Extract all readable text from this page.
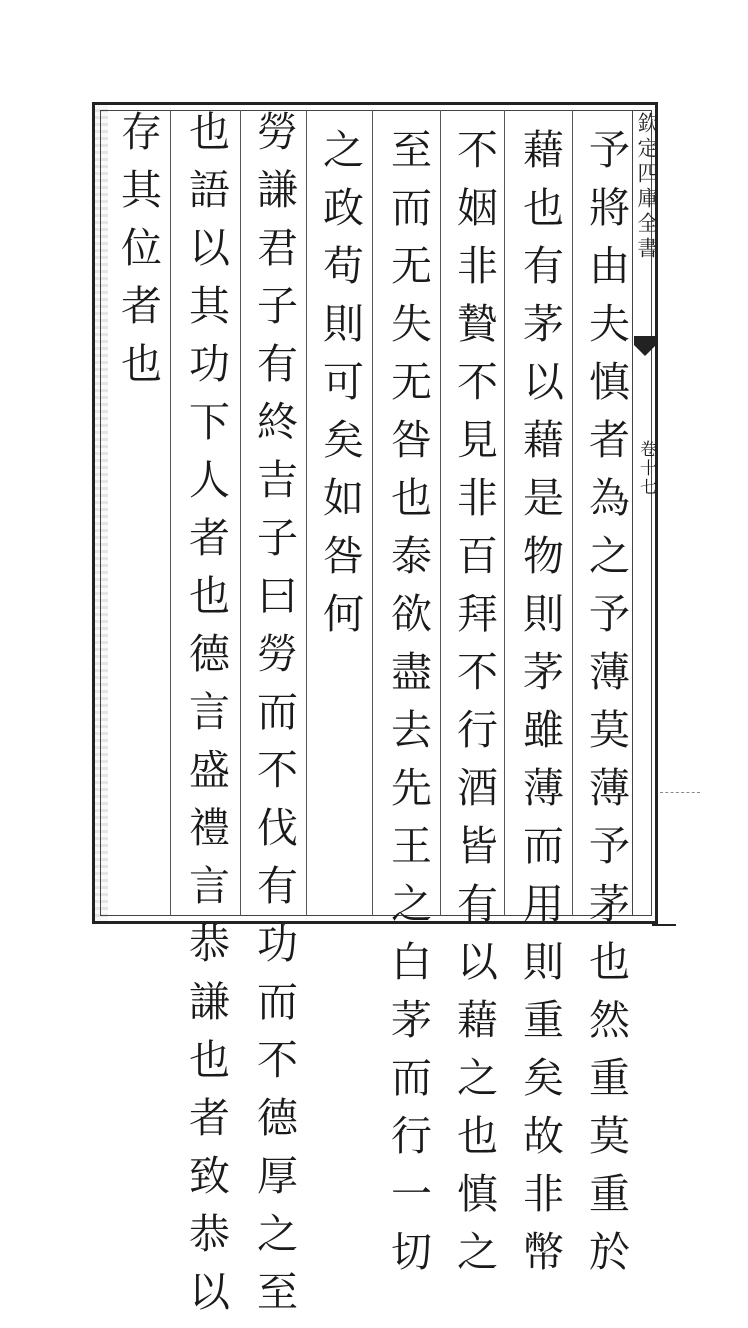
欽定四庫全書
卷十七
予將由夫慎者為之予薄莫薄予茅也然重莫重於
藉也有茅以藉是物則茅雖薄而用則重矣故非幣
不姻非贄不見非百拜不行酒皆有以藉之也慎之
至而无失无咎也泰欲盡去先王之白茅而行一切
之政苟則可矣如咎何
勞謙君子有終吉子曰勞而不伐有功而不德厚之至
也語以其功下人者也德言盛禮言恭謙也者致恭以
存其位者也
